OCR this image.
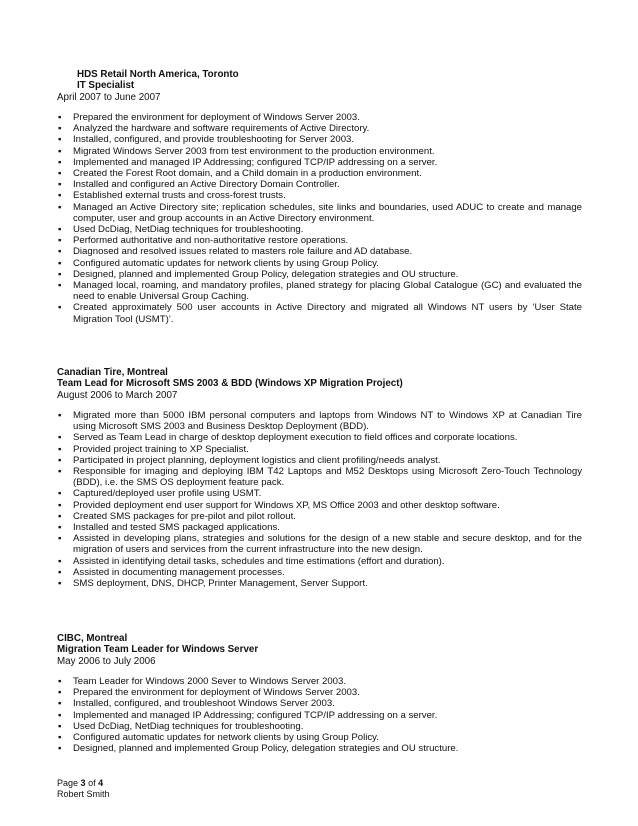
HDS Retail North America, Toronto
IT Specialist
April 2007 to June 2007
▪ Prepared the environment for deployment of Windows Server 2003.
▪ Analyzed the hardware and software requirements of Active Directory.
▪ Installed, configured, and provide troubleshooting for Server 2003.
▪ Migrated Windows Server 2003 from test environment to the production environment.
▪ Implemented and managed IP Addressing; configured TCP/IP addressing on a server.
▪ Created the Forest Root domain, and a Child domain in a production environment.
▪ Installed and configured an Active Directory Domain Controller.
▪ Established external trusts and cross-forest trusts.
▪ Managed an Active Directory site; replication schedules, site links and boundaries, used ADUC to create and manage computer, user and group accounts in an Active Directory environment.
▪ Used DcDiag, NetDiag techniques for troubleshooting.
▪ Performed authoritative and non-authoritative restore operations.
▪ Diagnosed and resolved issues related to masters role failure and AD database.
▪ Configured automatic updates for network clients by using Group Policy.
▪ Designed, planned and implemented Group Policy, delegation strategies and OU structure.
▪ Managed local, roaming, and mandatory profiles, planed strategy for placing Global Catalogue (GC) and evaluated the need to enable Universal Group Caching.
▪ Created approximately 500 user accounts in Active Directory and migrated all Windows NT users by ‘User State Migration Tool (USMT)’.
Canadian Tire, Montreal
Team Lead for Microsoft SMS 2003 & BDD (Windows XP Migration Project)
August 2006 to March 2007
▪ Migrated more than 5000 IBM personal computers and laptops from Windows NT to Windows XP at Canadian Tire using Microsoft SMS 2003 and Business Desktop Deployment (BDD).
▪ Served as Team Lead in charge of desktop deployment execution to field offices and corporate locations.
▪ Provided project training to XP Specialist.
▪ Participated in project planning, deployment logistics and client profiling/needs analyst.
▪ Responsible for imaging and deploying IBM T42 Laptops and M52 Desktops using Microsoft Zero-Touch Technology (BDD), i.e. the SMS OS deployment feature pack.
▪ Captured/deployed user profile using USMT.
▪ Provided deployment end user support for Windows XP, MS Office 2003 and other desktop software.
▪ Created SMS packages for pre-pilot and pilot rollout.
▪ Installed and tested SMS packaged applications.
▪ Assisted in developing plans, strategies and solutions for the design of a new stable and secure desktop, and for the migration of users and services from the current infrastructure into the new design.
▪ Assisted in identifying detail tasks, schedules and time estimations (effort and duration).
▪ Assisted in documenting management processes.
▪ SMS deployment, DNS, DHCP, Printer Management, Server Support.
CIBC, Montreal
Migration Team Leader for Windows Server
May 2006 to July 2006
▪ Team Leader for Windows 2000 Sever to Windows Server 2003.
▪ Prepared the environment for deployment of Windows Server 2003.
▪ Installed, configured, and troubleshoot Windows Server 2003.
▪ Implemented and managed IP Addressing; configured TCP/IP addressing on a server.
▪ Used DcDiag, NetDiag techniques for troubleshooting.
▪ Configured automatic updates for network clients by using Group Policy.
▪ Designed, planned and implemented Group Policy, delegation strategies and OU structure.
Page 3 of 4
Robert Smith
